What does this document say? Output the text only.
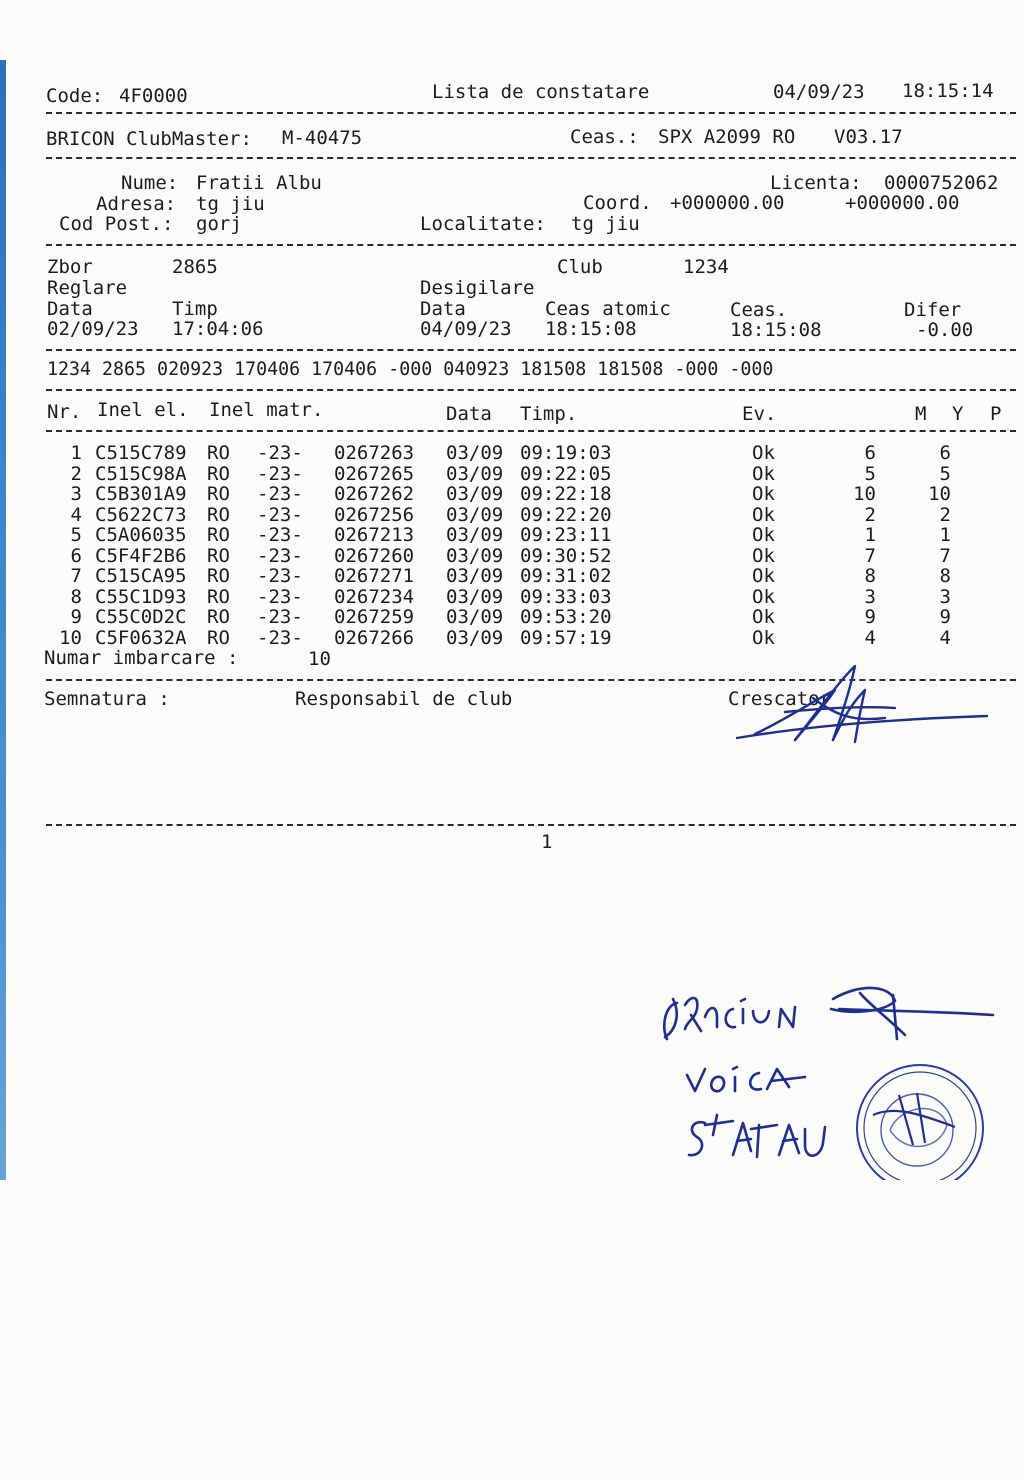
Code: 4F0000	Lista de constatare	04/09/23 18:15:14
BRICON ClubMaster: M-40475	Ceas.: SPX A2099 RO V03.17
Nume: Fratii Albu	Licenta: 0000752062
Adresa: tg jiu	Coord. +000000.00	+000000.00
Cod Post.: gorj	Localitate: tg jiu
Zbor	2865	Club	1234
Reglare	Desigilare
Data	Timp	Data	Ceas atomic	Ceas.	Difer
02/09/23 17:04:06	04/09/23 18:15:08	18:15:08	-0.00
1234 2865 020923 170406 170406 -000 040923 181508 181508 -000 -000
Nr. Inel el. Inel matr.	Data Timp.	Ev.	M Y P
1 C515C789 RO -23- 0267263 03/09 09:19:03	Ok	6	6
2 C515C98A RO -23- 0267265 03/09 09:22:05	Ok	5	5
3 C5B301A9 RO -23- 0267262 03/09 09:22:18	Ok	10	10
4 C5622C73 RO -23- 0267256 03/09 09:22:20	Ok	2	2
5 C5A06035 RO -23- 0267213 03/09 09:23:11	Ok	1	1
6 C5F4F2B6 RO -23- 0267260 03/09 09:30:52	Ok	7	7
7 C515CA95 RO -23- 0267271 03/09 09:31:02	Ok	8	8
8 C55C1D93 RO -23- 0267234 03/09 09:33:03	Ok	3	3
9 C55C0D2C RO -23- 0267259 03/09 09:53:20	Ok	9	9
10 C5F0632A RO -23- 0267266 03/09 09:57:19	Ok	4	4
Numar imbarcare :	10
Semnatura :	Responsabil de club	Crescator
1
